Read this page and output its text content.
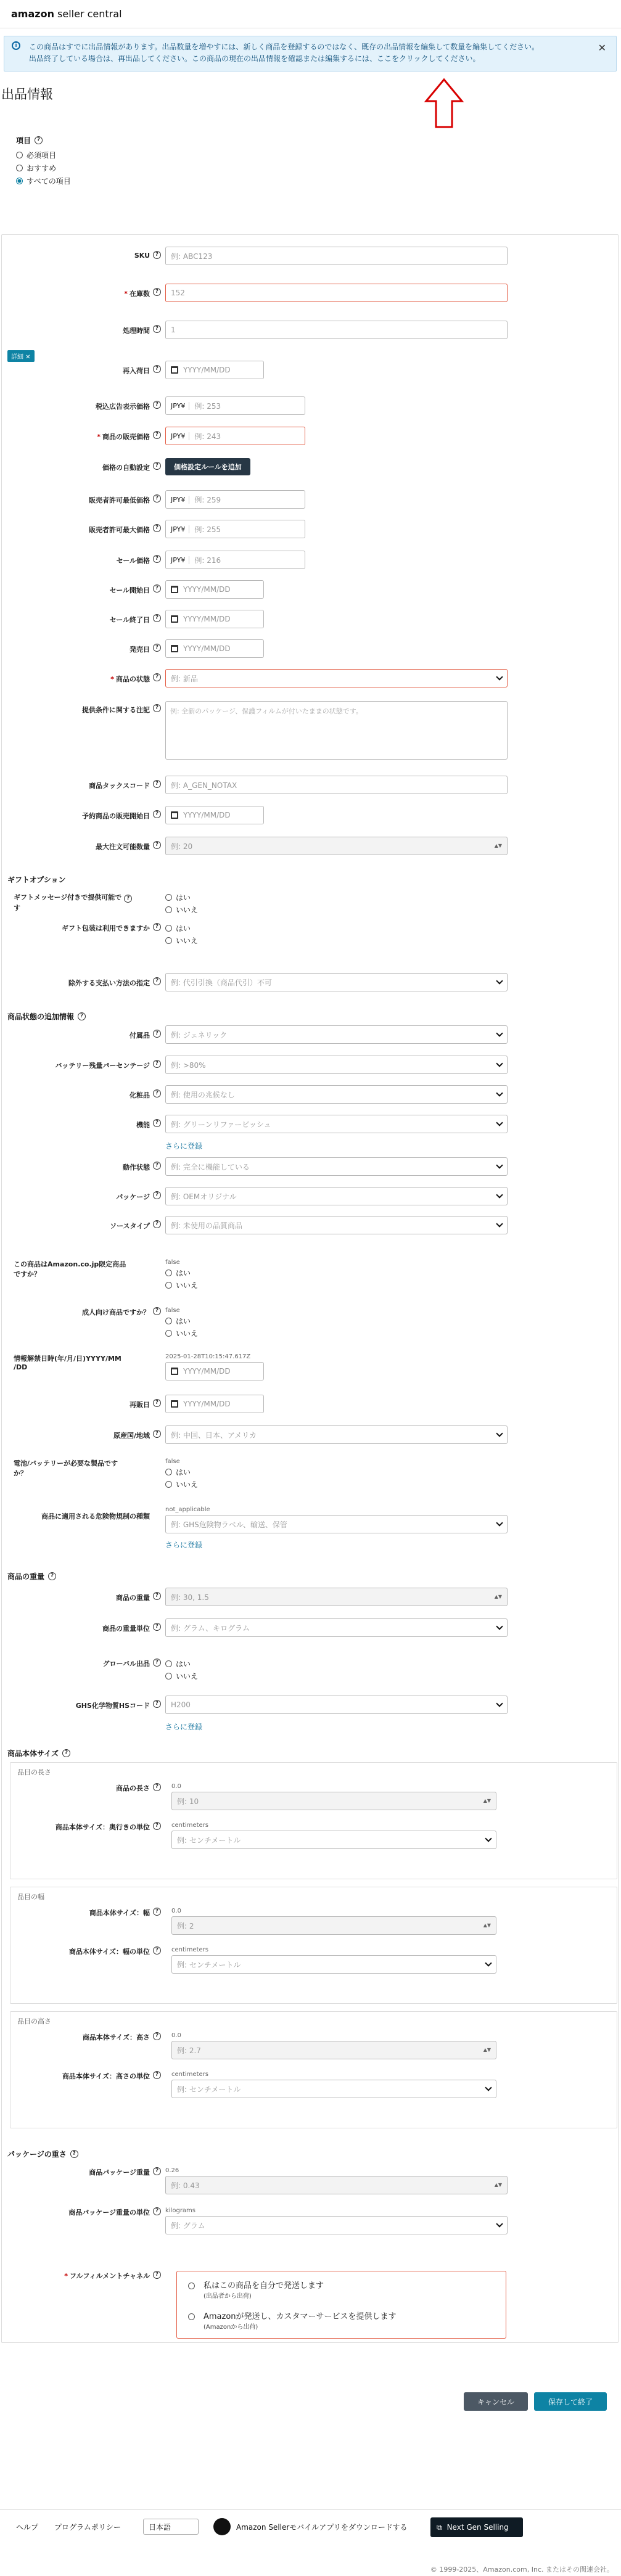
amazon seller central
i	この商品はすでに出品情報があります。出品数量を増やすには、新しく商品を登録するのではなく、既存の出品情報を編集して数量を編集してください。
出品終了している場合は、再出品してください。この商品の現在の出品情報を確認または編集するには、ここをクリックしてください。
✕
出品情報
項目	?
必須項目
おすすめ
すべての項目
詳細 ✕
SKU ?	例: ABC123
* 在庫数 ?	152
処理時間 ?	1
再入荷日 ?	YYYY/MM/DD
税込広告表示価格 ?	JPY¥	例: 253
* 商品の販売価格 ?	JPY¥	例: 243
価格の自動設定 ?	価格設定ルールを追加
販売者許可最低価格 ?	JPY¥	例: 259
販売者許可最大価格 ?	JPY¥	例: 255
セール価格 ?	JPY¥	例: 216
セール開始日 ?	YYYY/MM/DD
セール終了日 ?	YYYY/MM/DD
発売日 ?	YYYY/MM/DD
* 商品の状態 ?	例: 新品
提供条件に関する注記 ?	例: 全新のパッケージ、保護フィルムが付いたままの状態です。
商品タックスコード ?	例: A_GEN_NOTAX
予約商品の販売開始日 ?	YYYY/MM/DD
最大注文可能数量 ?	例: 20	▲▼
ギフトオプション
ギフトメッセージ付きで提供可能で ?
す
はい
いいえ
ギフト包装は利用できますか ?	はい
いいえ
除外する支払い方法の指定 ?	例: 代引引換（商品代引）不可
商品状態の追加情報	?
付属品 ?	例: ジェネリック
バッテリー残量パーセンテージ ?	例: >80%
化粧品 ?	例: 使用の兆候なし
機能 ?	例: グリーンリファービッシュ
さらに登録
動作状態 ?	例: 完全に機能している
パッケージ ?	例: OEMオリジナル
ソースタイプ ?	例: 未使用の品質商品
この商品はAmazon.co.jp限定商品
ですか？
false
はい
いいえ
成人向け商品ですか？ ?	false
はい
いいえ
情報解禁日時(年/月/日)YYYY/MM
/DD
2025-01-28T10:15:47.617Z
YYYY/MM/DD
再販日 ?	YYYY/MM/DD
原産国/地域 ?	例: 中国、日本、アメリカ
電池/バッテリーが必要な製品です
か？
false
はい
いいえ
商品に適用される危険物規制の種類
not_applicable
例: GHS危険物ラベル、輸送、保管
さらに登録
商品の重量	?
商品の重量 ?	例: 30, 1.5	▲▼
商品の重量単位 ?	例: グラム、キログラム
グローバル出品 ?	はい
いいえ
GHS化学物質HSコード ?	H200
さらに登録
商品本体サイズ	?
品目の長さ
商品の長さ ?	0.0
例: 10	▲▼
商品本体サイズ：奥行きの単位 ?	centimeters
例: センチメートル
品目の幅
商品本体サイズ：幅 ?	0.0
例: 2	▲▼
商品本体サイズ：幅の単位 ?	centimeters
例: センチメートル
品目の高さ
商品本体サイズ：高さ ?	0.0
例: 2.7	▲▼
商品本体サイズ：高さの単位 ?	centimeters
例: センチメートル
パッケージの重さ	?
商品パッケージ重量 ?	0.26
例: 0.43	▲▼
商品パッケージ重量の単位 ?	kilograms
例: グラム
* フルフィルメントチャネル ?
私はこの商品を自分で発送します
(出品者から出荷)
Amazonが発送し、カスタマーサービスを提供します
(Amazonから出荷)
キャンセル	保存して終了
ヘルプ プログラムポリシー	日本語	Amazon Sellerモバイルアプリをダウンロードする	⧉ Next Gen Selling
© 1999-2025、Amazon.com, Inc. またはその関連会社。
